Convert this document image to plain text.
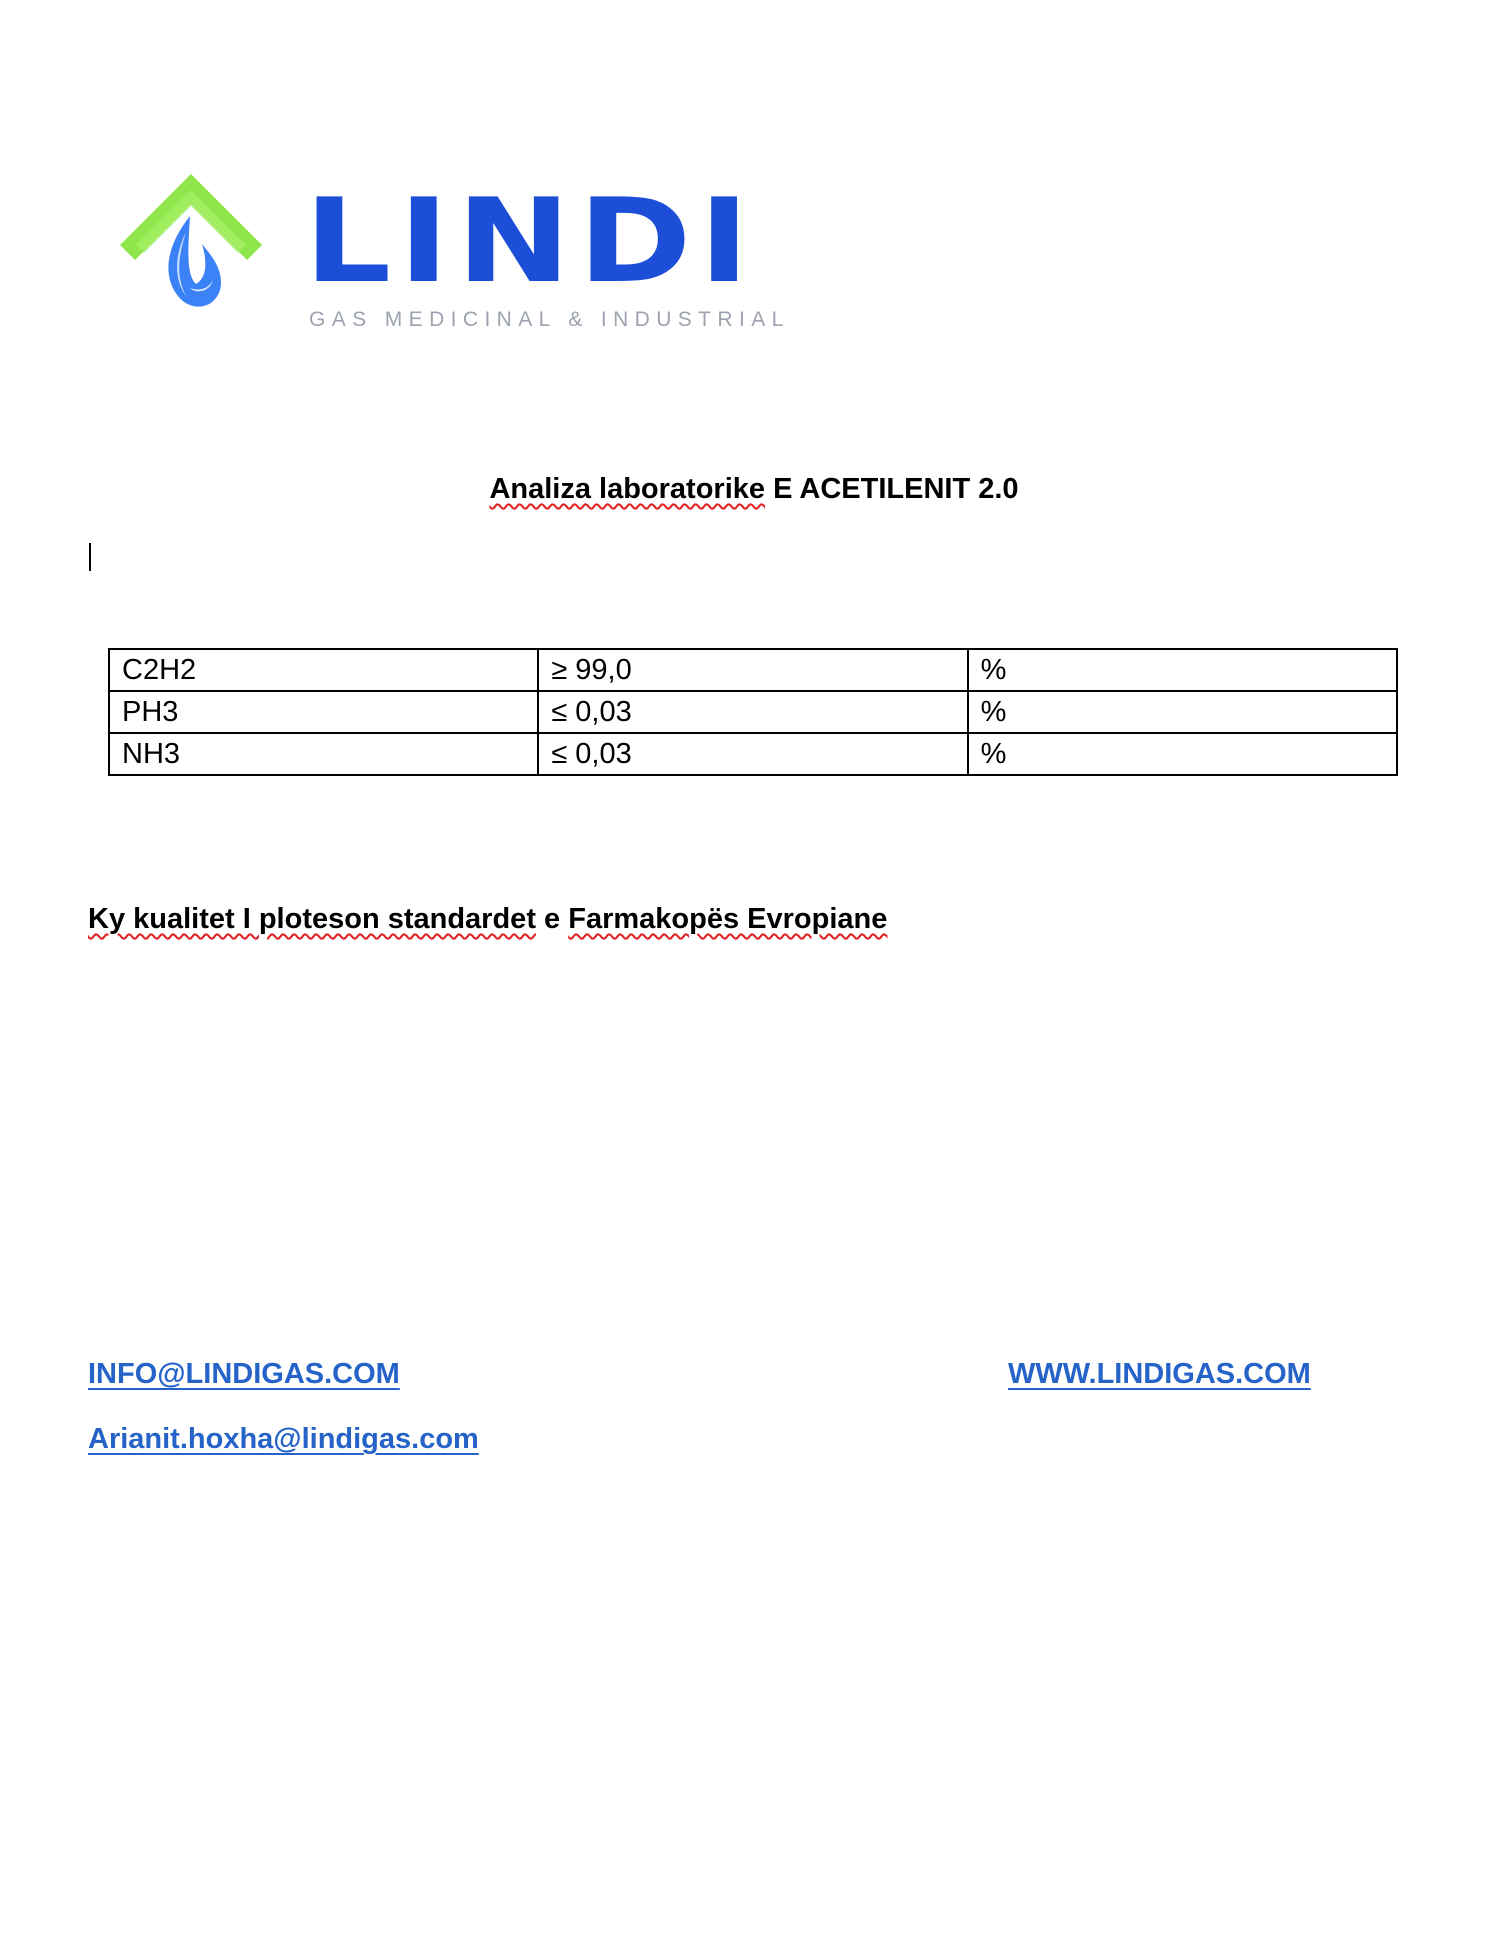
LINDI
GAS MEDICINAL & INDUSTRIAL
Analiza laboratorike E ACETILENIT 2.0
C2H2	≥ 99,0	%
PH3	≤ 0,03	%
NH3	≤ 0,03	%
Ky kualitet I ploteson standardet e Farmakopës Evropiane
INFO@LINDIGAS.COM	WWW.LINDIGAS.COM
Arianit.hoxha@lindigas.com
